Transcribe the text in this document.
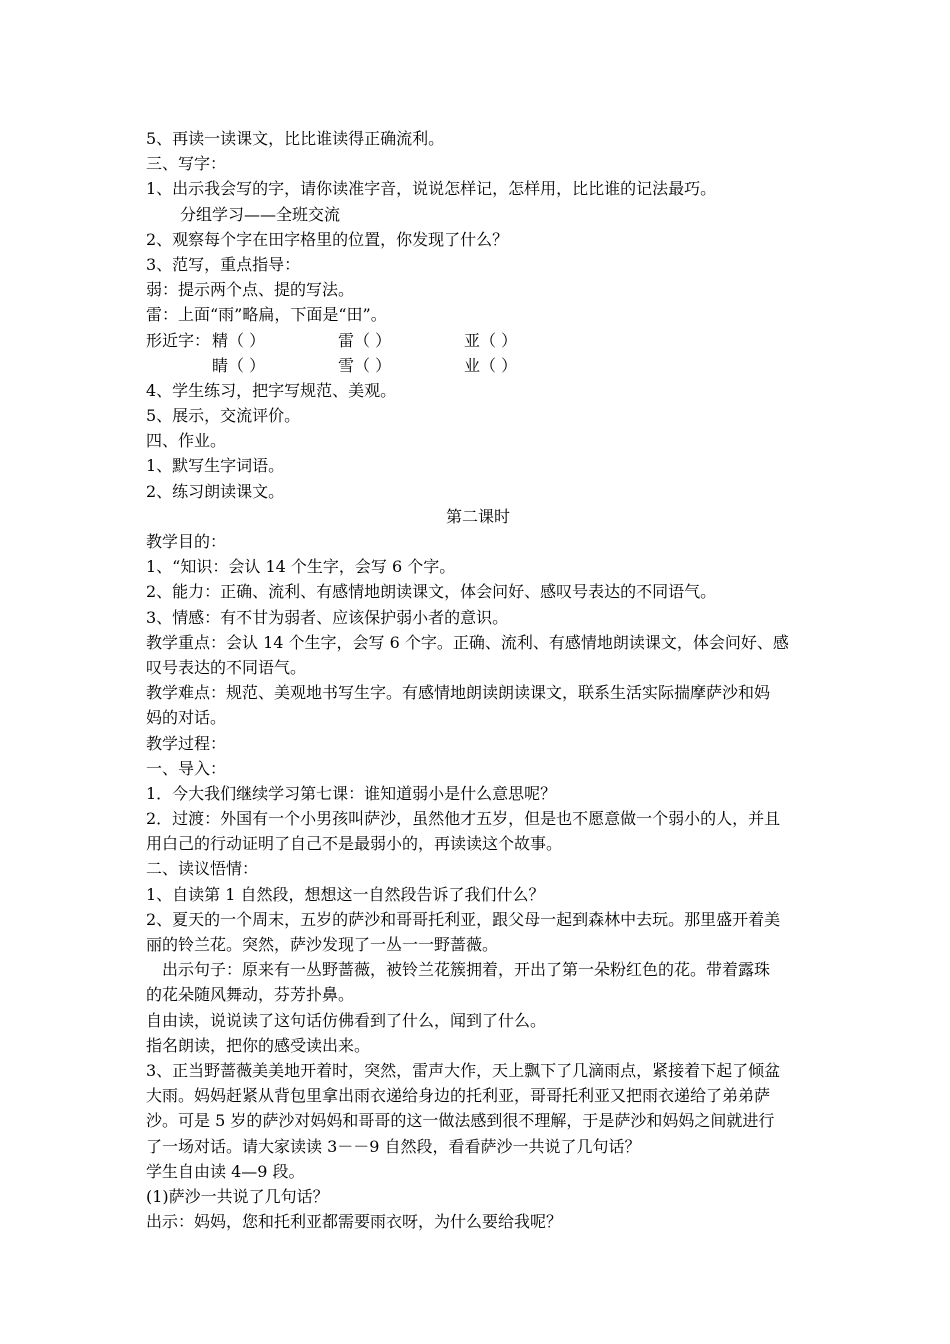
5、再读一读课文，比比谁读得正确流利。
三、写字：
1、出示我会写的字，请你读准字音，说说怎样记，怎样用，比比谁的记法最巧。
分组学习——全班交流
2、观察每个字在田字格里的位置，你发现了什么？
3、范写，重点指导：
弱：提示两个点、提的写法。
雷：上面“雨”略扁，下面是“田”。
形近字： 精（ ）	雷（ ）	亚（ ）
睛（ ）	雪（ ）	业（ ）
4、学生练习，把字写规范、美观。
5、展示，交流评价。
四、作业。
1、默写生字词语。
2、练习朗读课文。
第二课时
教学目的：
1、“知识：会认 14 个生字，会写 6 个字。
2、能力：正确、流利、有感情地朗读课文，体会问好、感叹号表达的不同语气。
3、情感：有不甘为弱者、应该保护弱小者的意识。
教学重点：会认 14 个生字，会写 6 个字。正确、流利、有感情地朗读课文，体会问好、感
叹号表达的不同语气。
教学难点：规范、美观地书写生字。有感情地朗读朗读课文，联系生活实际揣摩萨沙和妈
妈的对话。
教学过程：
一、导入：
1．今大我们继续学习第七课：谁知道弱小是什么意思呢？
2．过渡：外国有一个小男孩叫萨沙，虽然他才五岁，但是也不愿意做一个弱小的人，并且
用白己的行动证明了自己不是最弱小的，再读读这个故事。
二、读议悟情：
1、自读第 1 自然段，想想这一自然段告诉了我们什么？
2、夏天的一个周末，五岁的萨沙和哥哥托利亚，跟父母一起到森林中去玩。那里盛开着美
丽的铃兰花。突然，萨沙发现了一丛一一野蔷薇。
出示句子：原来有一丛野蔷薇，被铃兰花簇拥着，开出了第一朵粉红色的花。带着露珠
的花朵随风舞动，芬芳扑鼻。
自由读，说说读了这句话仿佛看到了什么，闻到了什么。
指名朗读，把你的感受读出来。
3、正当野蔷薇美美地开着时，突然，雷声大作，天上飘下了几滴雨点，紧接着下起了倾盆
大雨。妈妈赶紧从背包里拿出雨衣递给身边的托利亚，哥哥托利亚又把雨衣递给了弟弟萨
沙。可是 5 岁的萨沙对妈妈和哥哥的这一做法感到很不理解，于是萨沙和妈妈之间就进行
了一场对话。请大家读读 3－－9 自然段，看看萨沙一共说了几句话？
学生自由读 4—9 段。
(1)萨沙一共说了几句话？
出示：妈妈，您和托利亚都需要雨衣呀，为什么要给我呢？
